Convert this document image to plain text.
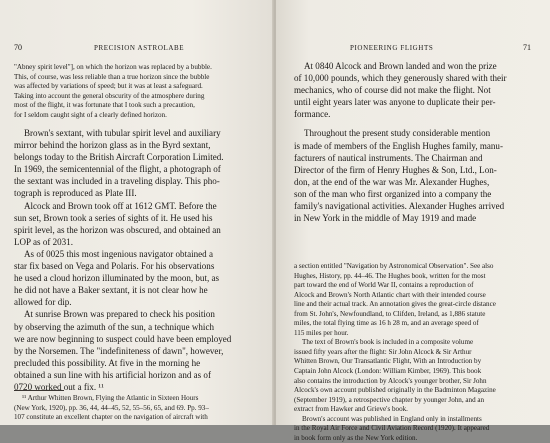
70	PRECISION ASTROLABE
"Abney spirit level"], on which the horizon was replaced by a bubble.
This, of course, was less reliable than a true horizon since the bubble
was affected by variations of speed; but it was at least a safeguard.
Taking into account the general obscurity of the atmosphere during
most of the flight, it was fortunate that I took such a precaution,
for I seldom caught sight of a clearly defined horizon.

Brown's sextant, with tubular spirit level and auxiliary
mirror behind the horizon glass as in the Byrd sextant,
belongs today to the British Aircraft Corporation Limited.
In 1969, the semicentennial of the flight, a photograph of
the sextant was included in a traveling display. This pho-
tograph is reproduced as Plate III.

Alcock and Brown took off at 1612 GMT. Before the
sun set, Brown took a series of sights of it. He used his
spirit level, as the horizon was obscured, and obtained an
LOP as of 2031.

As of 0025 this most ingenious navigator obtained a
star fix based on Vega and Polaris. For his observations
he used a cloud horizon illuminated by the moon, but, as
he did not have a Baker sextant, it is not clear how he
allowed for dip.

At sunrise Brown was prepared to check his position
by observing the azimuth of the sun, a technique which
we are now beginning to suspect could have been employed
by the Norsemen. The "indefiniteness of dawn", however,
precluded this possibility. At five in the morning he
obtained a sun line with his artificial horizon and as of
0720 worked out a fix. ¹¹

¹¹ Arthur Whitten Brown, Flying the Atlantic in Sixteen Hours
(New York, 1920), pp. 36, 44, 44–45, 52, 55–56, 65, and 69. Pp. 93–
107 constitute an excellent chapter on the navigation of aircraft with
PIONEERING FLIGHTS	71

At 0840 Alcock and Brown landed and won the prize
of 10,000 pounds, which they generously shared with their
mechanics, who of course did not make the flight. Not
until eight years later was anyone to duplicate their per-
formance.

Throughout the present study considerable mention
is made of members of the English Hughes family, manu-
facturers of nautical instruments. The Chairman and
Director of the firm of Henry Hughes & Son, Ltd., Lon-
don, at the end of the war was Mr. Alexander Hughes,
son of the man who first organized into a company the
family's navigational activities. Alexander Hughes arrived
in New York in the middle of May 1919 and made

a section entitled "Navigation by Astronomical Observation". See also
Hughes, History, pp. 44–46. The Hughes book, written for the most
part toward the end of World War II, contains a reproduction of
Alcock and Brown's North Atlantic chart with their intended course
line and their actual track. An annotation gives the great-circle distance
from St. John's, Newfoundland, to Clifden, Ireland, as 1,886 statute
miles, the total flying time as 16 h 28 m, and an average speed of
115 miles per hour.
The text of Brown's book is included in a composite volume
issued fifty years after the flight: Sir John Alcock & Sir Arthur
Whitten Brown, Our Transatlantic Flight, With an Introduction by
Captain John Alcock (London: William Kimber, 1969). This book
also contains the introduction by Alcock's younger brother, Sir John
Alcock's own account published originally in the Badminton Magazine
(September 1919), a retrospective chapter by younger John, and an
extract from Hawker and Grieve's book.
Brown's account was published in England only in installments
in the Royal Air Force and Civil Aviation Record (1920). It appeared
in book form only as the New York edition.
